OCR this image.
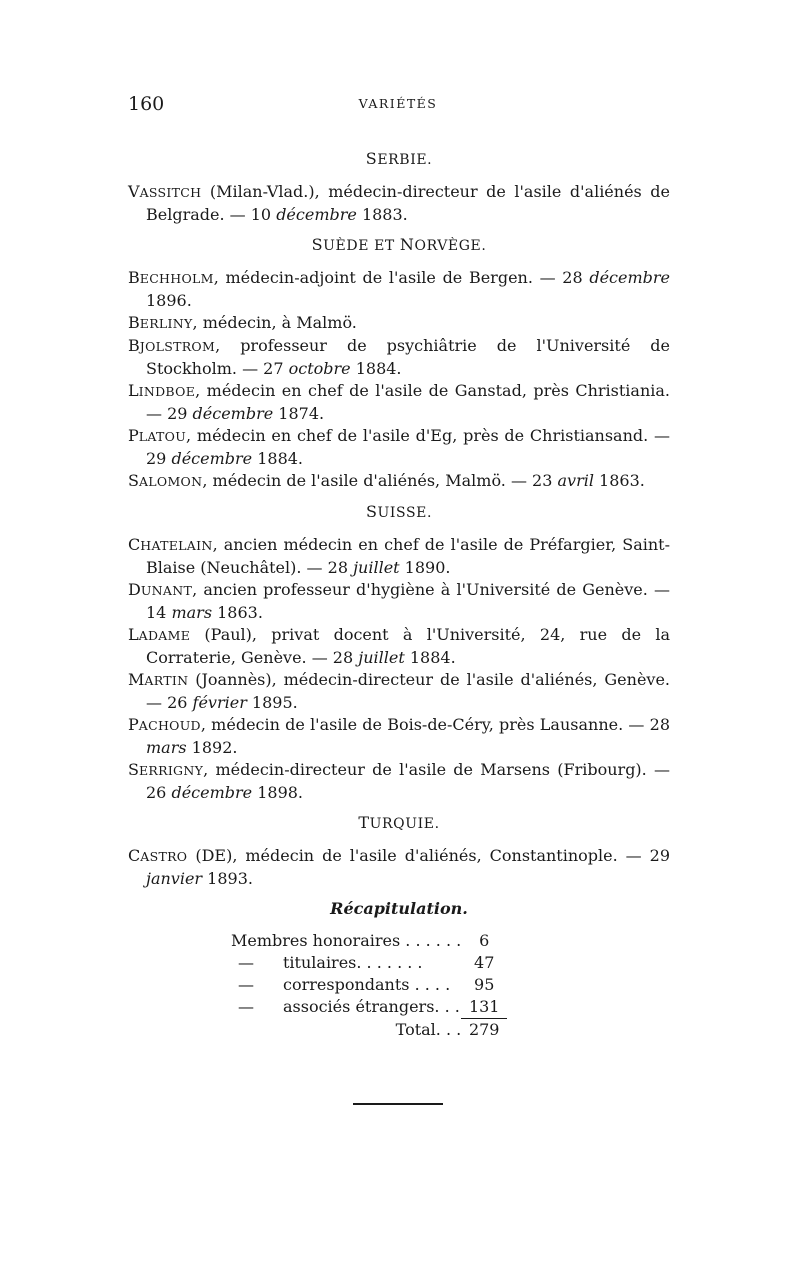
160	VARIÉTÉS
SERBIE.

VASSITCH (Milan-Vlad.), médecin-directeur de l'asile d'aliénés de Belgrade. — 10 décembre 1883.

SUÈDE ET NORVÈGE.

BECHHOLM, médecin-adjoint de l'asile de Bergen. — 28 décembre 1896.

BERLINY, médecin, à Malmö.

BJOLSTROM, professeur de psychiâtrie de l'Université de Stockholm. — 27 octobre 1884.

LINDBOE, médecin en chef de l'asile de Ganstad, près Christiania. — 29 décembre 1874.

PLATOU, médecin en chef de l'asile d'Eg, près de Christiansand. — 29 décembre 1884.

SALOMON, médecin de l'asile d'aliénés, Malmö. — 23 avril 1863.

SUISSE.

CHATELAIN, ancien médecin en chef de l'asile de Préfargier, Saint-Blaise (Neuchâtel). — 28 juillet 1890.

DUNANT, ancien professeur d'hygiène à l'Université de Genève. — 14 mars 1863.

LADAME (Paul), privat docent à l'Université, 24, rue de la Corraterie, Genève. — 28 juillet 1884.

MARTIN (Joannès), médecin-directeur de l'asile d'aliénés, Genève. — 26 février 1895.

PACHOUD, médecin de l'asile de Bois-de-Céry, près Lausanne. — 28 mars 1892.

SERRIGNY, médecin-directeur de l'asile de Marsens (Fribourg). — 26 décembre 1898.

TURQUIE.

CASTRO (DE), médecin de l'asile d'aliénés, Constantinople. — 29 janvier 1893.

Récapitulation.
Membres honoraires . . . . . .	6
— titulaires. . . . . . .	47
— correspondants . . . .	95
— associés étrangers. . .	131
Total. . .	279
